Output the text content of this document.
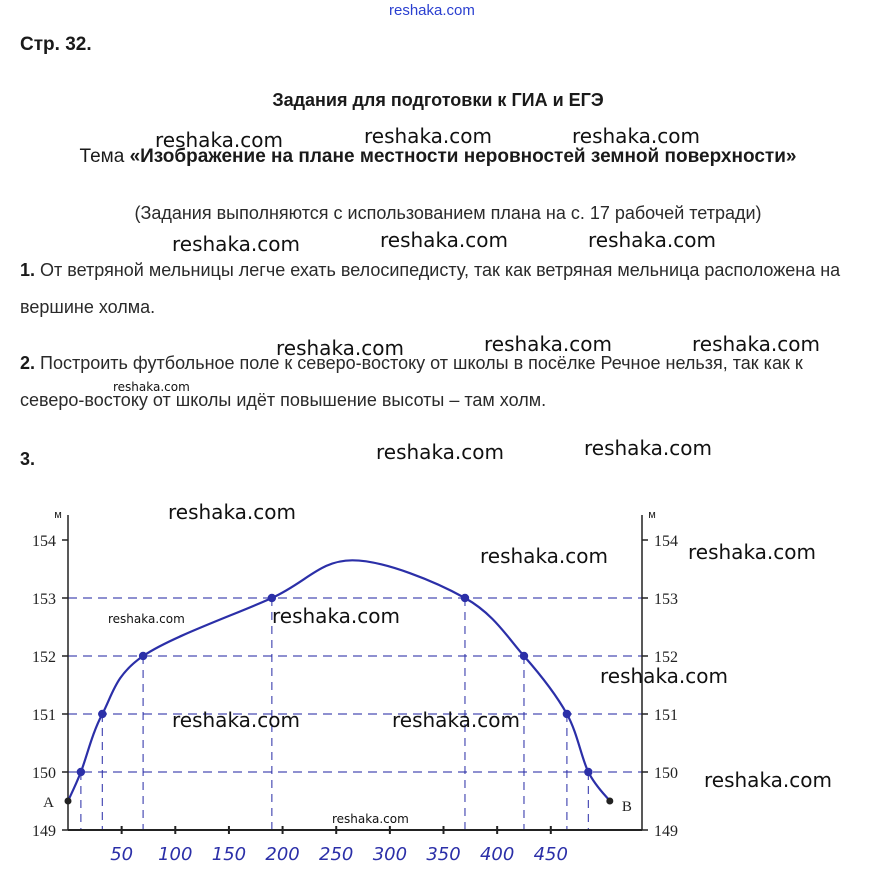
reshaka.com
Стр. 32.
Задания для подготовки к ГИА и ЕГЭ
Тема «Изображение на плане местности неровностей земной поверхности»
(Задания выполняются с использованием плана на с. 17 рабочей тетради)
1. От ветряной мельницы легче ехать велосипедисту, так как ветряная мельница расположена на вершине холма.
2. Построить футбольное поле к северо-востоку от школы в посёлке Речное нельзя, так как к северо-востоку от школы идёт повышение высоты – там холм.
3.
reshaka.com	reshaka.com	reshaka.com
reshaka.com	reshaka.com	reshaka.com
reshaka.com	reshaka.com	reshaka.com
reshaka.com
reshaka.com	reshaka.com
149	149
150	150
151	151
152	152
153	153
154	154
м	м
50 100 150 200 250 300 350 400 450
A	B
reshaka.com
reshaka.com	reshaka.com
reshaka.com	reshaka.com
reshaka.com
reshaka.com	reshaka.com
reshaka.com
reshaka.com
